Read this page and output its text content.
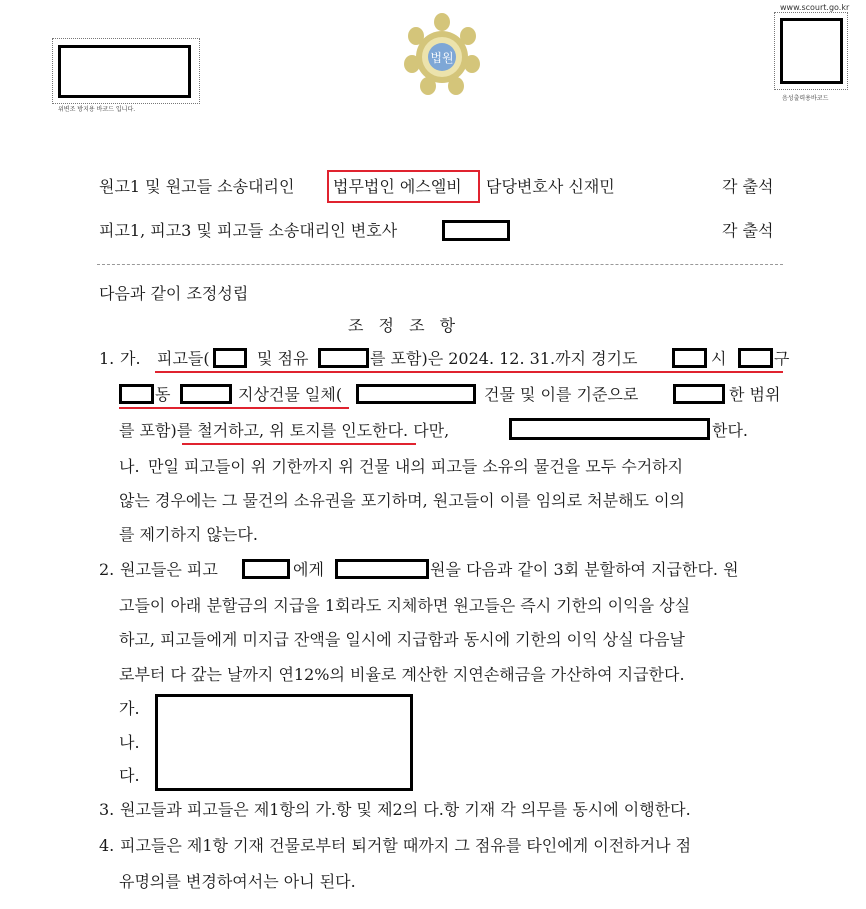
위변조 방지용 바코드 입니다.
법원
www.scourt.go.kr
음성출력용바코드
원고1 및 원고들 소송대리인 법무법인 에스엘비 담당변호사 신재민	각 출석
피고1, 피고3 및 피고들 소송대리인 변호사	각 출석
다음과 같이 조정성립
조 정 조 항
1. 가. 피고들(	및 점유	를 포함)은 2024. 12. 31.까지 경기도	시	구
동	지상건물 일체(	건물 및 이를 기준으로	한 범위
를 포함)를 철거하고, 위 토지를 인도한다. 다만,	한다.
나. 만일 피고들이 위 기한까지 위 건물 내의 피고들 소유의 물건을 모두 수거하지
않는 경우에는 그 물건의 소유권을 포기하며, 원고들이 이를 임의로 처분해도 이의
를 제기하지 않는다.
2. 원고들은 피고	에게	원을 다음과 같이 3회 분할하여 지급한다. 원
고들이 아래 분할금의 지급을 1회라도 지체하면 원고들은 즉시 기한의 이익을 상실
하고, 피고들에게 미지급 잔액을 일시에 지급함과 동시에 기한의 이익 상실 다음날
로부터 다 갚는 날까지 연12%의 비율로 계산한 지연손해금을 가산하여 지급한다.
가.
나.
다.
3. 원고들과 피고들은 제1항의 가.항 및 제2의 다.항 기재 각 의무를 동시에 이행한다.
4. 피고들은 제1항 기재 건물로부터 퇴거할 때까지 그 점유를 타인에게 이전하거나 점
유명의를 변경하여서는 아니 된다.
